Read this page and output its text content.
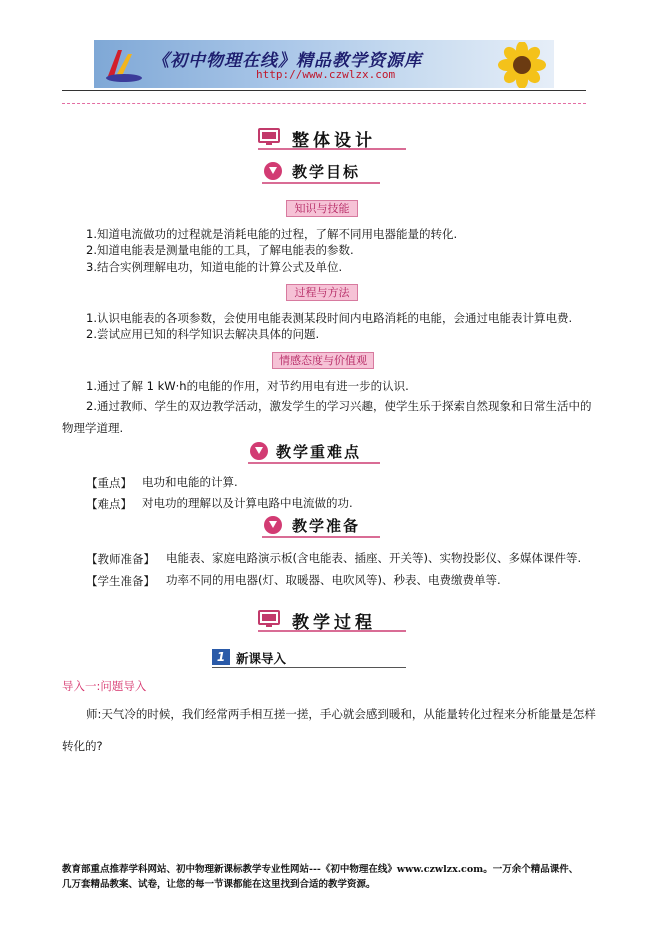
《初中物理在线》精品教学资源库
http://www.czwlzx.com
整体设计
教学目标
知识与技能
1.知道电流做功的过程就是消耗电能的过程，了解不同用电器能量的转化.
2.知道电能表是测量电能的工具，了解电能表的参数.
3.结合实例理解电功，知道电能的计算公式及单位.
过程与方法
1.认识电能表的各项参数，会使用电能表测某段时间内电路消耗的电能，会通过电能表计算电费.
2.尝试应用已知的科学知识去解决具体的问题.
情感态度与价值观
1.通过了解 1 kW·h的电能的作用，对节约用电有进一步的认识.
2.通过教师、学生的双边教学活动，激发学生的学习兴趣，使学生乐于探索自然现象和日常生活中的
物理学道理.
教学重难点
【重点】 电功和电能的计算.
【难点】 对电功的理解以及计算电路中电流做的功.
教学准备
【教师准备】 电能表、家庭电路演示板(含电能表、插座、开关等)、实物投影仪、多媒体课件等.
【学生准备】 功率不同的用电器(灯、取暖器、电吹风等)、秒表、电费缴费单等.
教学过程
1 新课导入
导入一:问题导入
师:天气冷的时候，我们经常两手相互搓一搓，手心就会感到暖和，从能量转化过程来分析能量是怎样
转化的?
教育部重点推荐学科网站、初中物理新课标教学专业性网站---《初中物理在线》www.czwlzx.com。一万余个精品课件、
几万套精品教案、试卷，让您的每一节课都能在这里找到合适的教学资源。
